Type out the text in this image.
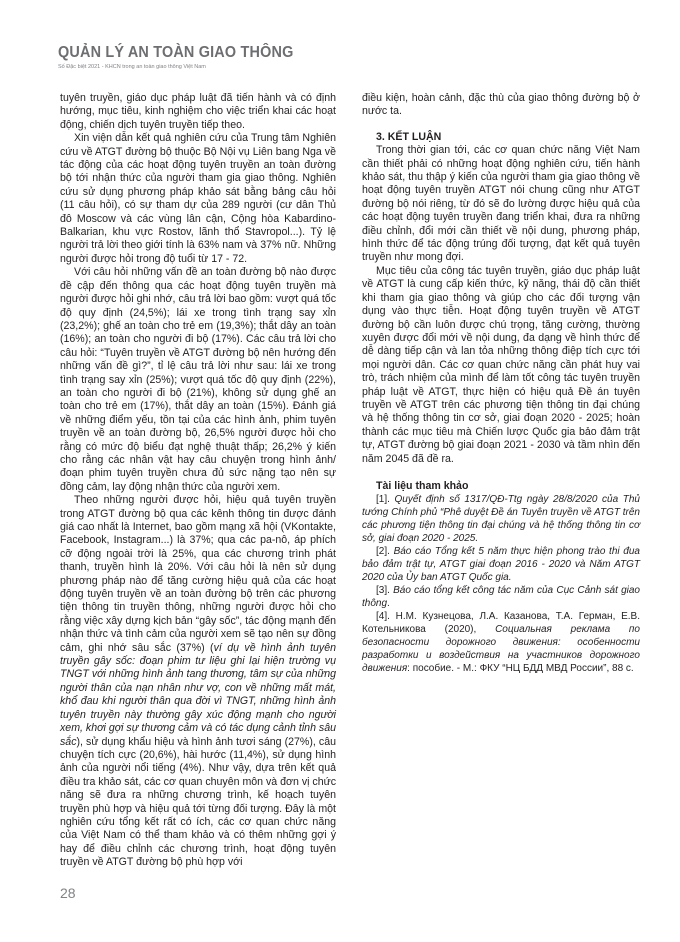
QUẢN LÝ AN TOÀN GIAO THÔNG
Số Đặc biệt 2021 - KHCN trong an toàn giao thông Việt Nam

tuyên truyền, giáo dục pháp luật đã tiến hành và có định hướng, mục tiêu, kinh nghiệm cho việc triển khai các hoạt động, chiến dịch tuyên truyền tiếp theo.

Xin viện dẫn kết quả nghiên cứu của Trung tâm Nghiên cứu về ATGT đường bộ thuộc Bộ Nội vụ Liên bang Nga về tác động của các hoạt động tuyên truyền an toàn đường bộ tới nhận thức của người tham gia giao thông. Nghiên cứu sử dụng phương pháp khảo sát bằng bảng câu hỏi (11 câu hỏi), có sự tham dự của 289 người (cư dân Thủ đô Moscow và các vùng lân cận, Cộng hòa Kabardino-Balkarian, khu vực Rostov, lãnh thổ Stavropol...). Tỷ lệ người trả lời theo giới tính là 63% nam và 37% nữ. Những người được hỏi trong độ tuổi từ 17 - 72.

Với câu hỏi những vấn đề an toàn đường bộ nào được đề cập đến thông qua các hoạt động tuyên truyền mà người được hỏi ghi nhớ, câu trả lời bao gồm: vượt quá tốc độ quy định (24,5%); lái xe trong tình trạng say xỉn (23,2%); ghế an toàn cho trẻ em (19,3%); thắt dây an toàn (16%); an toàn cho người đi bộ (17%). Các câu trả lời cho câu hỏi: “Tuyên truyền về ATGT đường bộ nên hướng đến những vấn đề gì?”, tỉ lệ câu trả lời như sau: lái xe trong tình trạng say xỉn (25%); vượt quá tốc độ quy định (22%), an toàn cho người đi bộ (21%), không sử dụng ghế an toàn cho trẻ em (17%), thắt dây an toàn (15%). Đánh giá về những điểm yếu, tồn tại của các hình ảnh, phim tuyên truyền về an toàn đường bộ, 26,5% người được hỏi cho rằng có mức độ biểu đạt nghệ thuật thấp; 26,2% ý kiến cho rằng các nhân vật hay câu chuyện trong hình ảnh/đoạn phim tuyên truyền chưa đủ sức nặng tạo nên sự đồng cảm, lay động nhận thức của người xem.

Theo những người được hỏi, hiệu quả tuyên truyền trong ATGT đường bộ qua các kênh thông tin được đánh giá cao nhất là Internet, bao gồm mạng xã hội (VKontakte, Facebook, Instagram...) là 37%; qua các pa-nô, áp phích cỡ động ngoài trời là 25%, qua các chương trình phát thanh, truyền hình là 20%. Với câu hỏi là nên sử dụng phương pháp nào để tăng cường hiệu quả của các hoạt động tuyên truyền về an toàn đường bộ trên các phương tiện thông tin truyền thông, những người được hỏi cho rằng việc xây dựng kịch bản “gây sốc”, tác động mạnh đến nhận thức và tình cảm của người xem sẽ tạo nên sự đồng cảm, ghi nhớ sâu sắc (37%) (ví dụ về hình ảnh tuyên truyền gây sốc: đoạn phim tư liệu ghi lại hiện trường vụ TNGT với những hình ảnh tang thương, tâm sự của những người thân của nạn nhân như vợ, con về những mất mát, khổ đau khi người thân qua đời vì TNGT, những hình ảnh tuyên truyền này thường gây xúc động mạnh cho người xem, khơi gợi sự thương cảm và có tác dụng cảnh tỉnh sâu sắc), sử dụng khẩu hiệu và hình ảnh tươi sáng (27%), câu chuyện tích cực (20,6%), hài hước (11,4%), sử dụng hình ảnh của người nổi tiếng (4%). Như vậy, dựa trên kết quả điều tra khảo sát, các cơ quan chuyên môn và đơn vị chức năng sẽ đưa ra những chương trình, kế hoạch tuyên truyền phù hợp và hiệu quả tới từng đối tượng. Đây là một nghiên cứu tổng kết rất có ích, các cơ quan chức năng của Việt Nam có thể tham khảo và có thêm những gợi ý hay để điều chỉnh các chương trình, hoạt động tuyên truyền về ATGT đường bộ phù hợp với

điều kiện, hoàn cảnh, đặc thù của giao thông đường bộ ở nước ta.

3. KẾT LUẬN

Trong thời gian tới, các cơ quan chức năng Việt Nam cần thiết phải có những hoạt động nghiên cứu, tiến hành khảo sát, thu thập ý kiến của người tham gia giao thông về hoạt động tuyên truyền ATGT nói chung cũng như ATGT đường bộ nói riêng, từ đó sẽ đo lường được hiệu quả của các hoạt động tuyên truyền đang triển khai, đưa ra những điều chỉnh, đổi mới cần thiết về nội dung, phương pháp, hình thức để tác động trúng đối tượng, đạt kết quả tuyên truyền như mong đợi.

Mục tiêu của công tác tuyên truyền, giáo dục pháp luật về ATGT là cung cấp kiến thức, kỹ năng, thái độ cần thiết khi tham gia giao thông và giúp cho các đối tượng vận dụng vào thực tiễn. Hoạt động tuyên truyền về ATGT đường bộ cần luôn được chú trọng, tăng cường, thường xuyên được đổi mới về nội dung, đa dạng về hình thức để dễ dàng tiếp cận và lan tỏa những thông điệp tích cực tới mọi người dân. Các cơ quan chức năng cần phát huy vai trò, trách nhiệm của mình để làm tốt công tác tuyên truyền pháp luật về ATGT, thực hiện có hiệu quả Đề án tuyên truyền về ATGT trên các phương tiện thông tin đại chúng và hệ thống thông tin cơ sở, giai đoạn 2020 - 2025; hoàn thành các mục tiêu mà Chiến lược Quốc gia bảo đảm trật tự, ATGT đường bộ giai đoạn 2021 - 2030 và tầm nhìn đến năm 2045 đã đề ra.

Tài liệu tham khảo

[1]. Quyết định số 1317/QĐ-Ttg ngày 28/8/2020 của Thủ tướng Chính phủ “Phê duyệt Đề án Tuyên truyền về ATGT trên các phương tiện thông tin đại chúng và hệ thống thông tin cơ sở, giai đoạn 2020 - 2025.

[2]. Báo cáo Tổng kết 5 năm thực hiện phong trào thi đua bảo đảm trật tự, ATGT giai đoạn 2016 - 2020 và Năm ATGT 2020 của Ủy ban ATGT Quốc gia.

[3]. Báo cáo tổng kết công tác năm của Cục Cảnh sát giao thông.

[4]. Н.М. Кузнецова, Л.А. Казанова, Т.А. Герман, Е.В. Котельникова (2020), Социальная реклама по безопасности дорожного движения: особенности разработки и воздействия на участников дорожного движения: пособие. - М.: ФКУ “НЦ БДД МВД России”, 88 с.

28
